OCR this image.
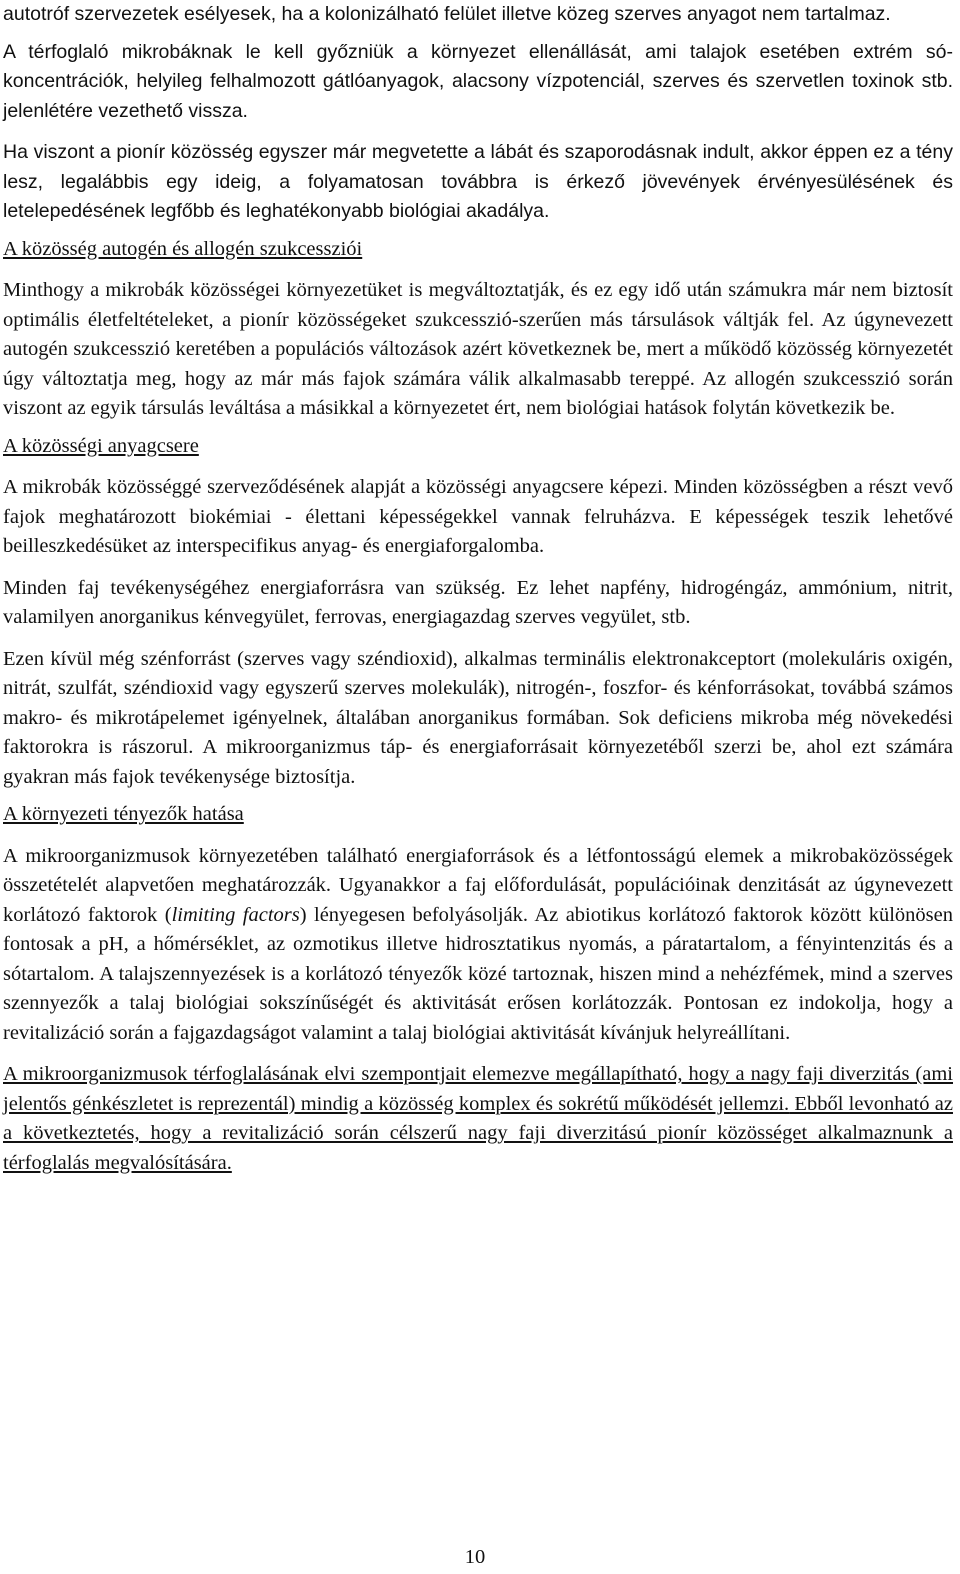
autotróf szervezetek esélyesek, ha a kolonizálható felület illetve közeg szerves anyagot nem tartalmaz.

A térfoglaló mikrobáknak le kell győzniük a környezet ellenállását, ami talajok esetében extrém só-koncentrációk, helyileg felhalmozott gátlóanyagok, alacsony vízpotenciál, szerves és szervetlen toxinok stb. jelenlétére vezethető vissza.

Ha viszont a pionír közösség egyszer már megvetette a lábát és szaporodásnak indult, akkor éppen ez a tény lesz, legalábbis egy ideig, a folyamatosan továbbra is érkező jövevények érvényesülésének és letelepedésének legfőbb és leghatékonyabb biológiai akadálya.

A közösség autogén és allogén szukcessziói

Minthogy a mikrobák közösségei környezetüket is megváltoztatják, és ez egy idő után számukra már nem biztosít optimális életfeltételeket, a pionír közösségeket szukcesszió-szerűen más társulások váltják fel. Az úgynevezett autogén szukcesszió keretében a populációs változások azért következnek be, mert a működő közösség környezetét úgy változtatja meg, hogy az már más fajok számára válik alkalmasabb tereppé. Az allogén szukcesszió során viszont az egyik társulás leváltása a másikkal a környezetet ért, nem biológiai hatások folytán következik be.

A közösségi anyagcsere

A mikrobák közösséggé szerveződésének alapját a közösségi anyagcsere képezi. Minden közösségben a részt vevő fajok meghatározott biokémiai - élettani képességekkel vannak felruházva. E képességek teszik lehetővé beilleszkedésüket az interspecifikus anyag- és energiaforgalomba.

Minden faj tevékenységéhez energiaforrásra van szükség. Ez lehet napfény, hidrogéngáz, ammónium, nitrit, valamilyen anorganikus kénvegyület, ferrovas, energiagazdag szerves vegyület, stb.

Ezen kívül még szénforrást (szerves vagy széndioxid), alkalmas terminális elektronakceptort (molekuláris oxigén, nitrát, szulfát, széndioxid vagy egyszerű szerves molekulák), nitrogén-, foszfor- és kénforrásokat, továbbá számos makro- és mikrotápelemet igényelnek, általában anorganikus formában. Sok deficiens mikroba még növekedési faktorokra is rászorul. A mikroorganizmus táp- és energiaforrásait környezetéből szerzi be, ahol ezt számára gyakran más fajok tevékenysége biztosítja.

A környezeti tényezők hatása

A mikroorganizmusok környezetében található energiaforrások és a létfontosságú elemek a mikrobaközösségek összetételét alapvetően meghatározzák. Ugyanakkor a faj előfordulását, populációinak denzitását az úgynevezett korlátozó faktorok (limiting factors) lényegesen befolyásolják. Az abiotikus korlátozó faktorok között különösen fontosak a pH, a hőmérséklet, az ozmotikus illetve hidrosztatikus nyomás, a páratartalom, a fényintenzitás és a sótartalom. A talajszennyezések is a korlátozó tényezők közé tartoznak, hiszen mind a nehézfémek, mind a szerves szennyezők a talaj biológiai sokszínűségét és aktivitását erősen korlátozzák. Pontosan ez indokolja, hogy a revitalizáció során a fajgazdagságot valamint a talaj biológiai aktivitását kívánjuk helyreállítani.

A mikroorganizmusok térfoglalásának elvi szempontjait elemezve megállapítható, hogy a nagy faji diverzitás (ami jelentős génkészletet is reprezentál) mindig a közösség komplex és sokrétű működését jellemzi. Ebből levonható az a következtetés, hogy a revitalizáció során célszerű nagy faji diverzitású pionír közösséget alkalmaznunk a térfoglalás megvalósítására.

10
